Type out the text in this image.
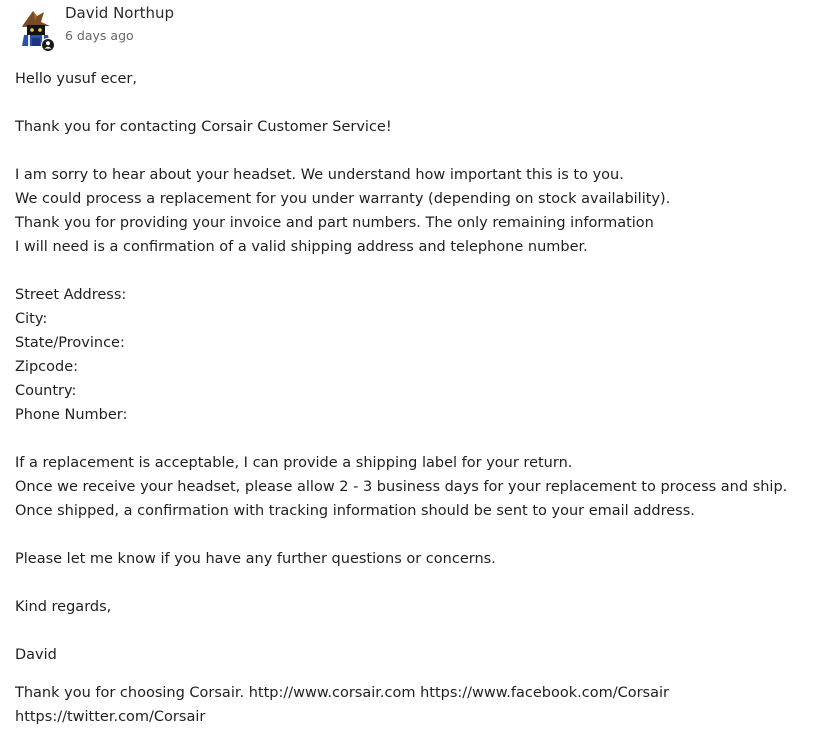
David Northup
6 days ago

Hello yusuf ecer,

Thank you for contacting Corsair Customer Service!

I am sorry to hear about your headset. We understand how important this is to you.

We could process a replacement for you under warranty (depending on stock availability).

Thank you for providing your invoice and part numbers. The only remaining information

I will need is a confirmation of a valid shipping address and telephone number.

Street Address:

City:

State/Province:

Zipcode:

Country:

Phone Number:

If a replacement is acceptable, I can provide a shipping label for your return.

Once we receive your headset, please allow 2 - 3 business days for your replacement to process and ship.

Once shipped, a confirmation with tracking information should be sent to your email address.

Please let me know if you have any further questions or concerns.

Kind regards,

David

Thank you for choosing Corsair. http://www.corsair.com https://www.facebook.com/Corsair

https://twitter.com/Corsair
